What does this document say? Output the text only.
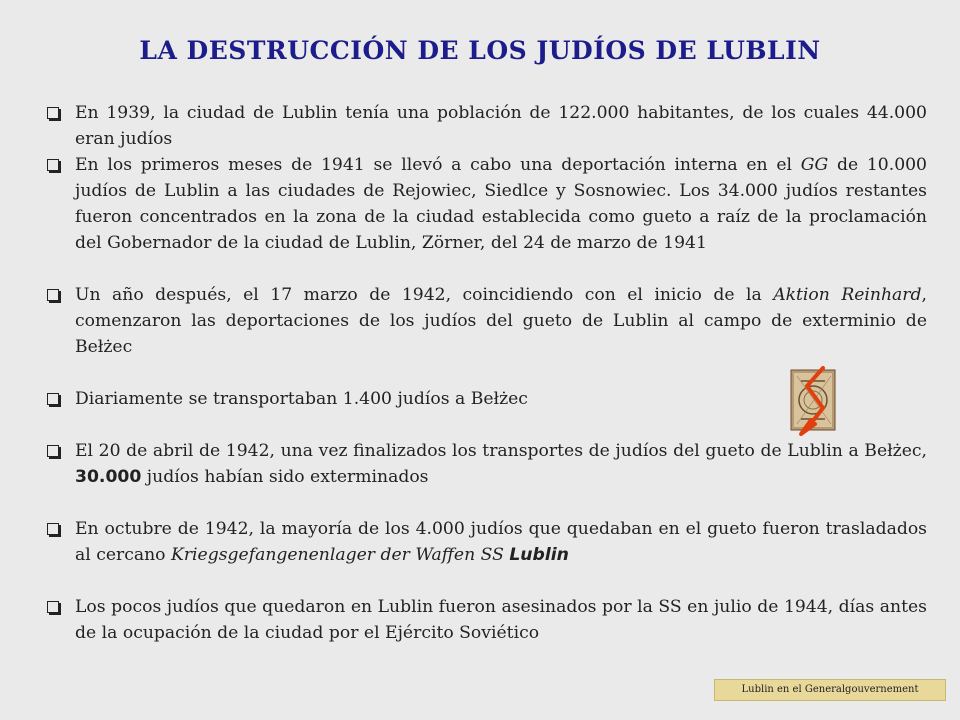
LA DESTRUCCIÓN DE LOS JUDÍOS DE LUBLIN
En 1939, la ciudad de Lublin tenía una población de 122.000 habitantes, de los cuales 44.000 eran judíos
En los primeros meses de 1941 se llevó a cabo una deportación interna en el GG de 10.000 judíos de Lublin a las ciudades de Rejowiec, Siedlce y Sosnowiec. Los 34.000 judíos restantes fueron concentrados en la zona de la ciudad establecida como gueto a raíz de la proclamación del Gobernador de la ciudad de Lublin, Zörner, del 24 de marzo de 1941
Un año después, el 17 marzo de 1942, coincidiendo con el inicio de la Aktion Reinhard, comenzaron las deportaciones de los judíos del gueto de Lublin al campo de exterminio de Bełżec
Diariamente se transportaban 1.400 judíos a Bełżec
El 20 de abril de 1942, una vez finalizados los transportes de judíos del gueto de Lublin a Bełżec, 30.000 judíos habían sido exterminados
En octubre de 1942, la mayoría de los 4.000 judíos que quedaban en el gueto fueron trasladados al cercano Kriegsgefangenenlager der Waffen SS Lublin
Los pocos judíos que quedaron en Lublin fueron asesinados por la SS en julio de 1944, días antes de la ocupación de la ciudad por el Ejército Soviético
Lublin en el Generalgouvernement
